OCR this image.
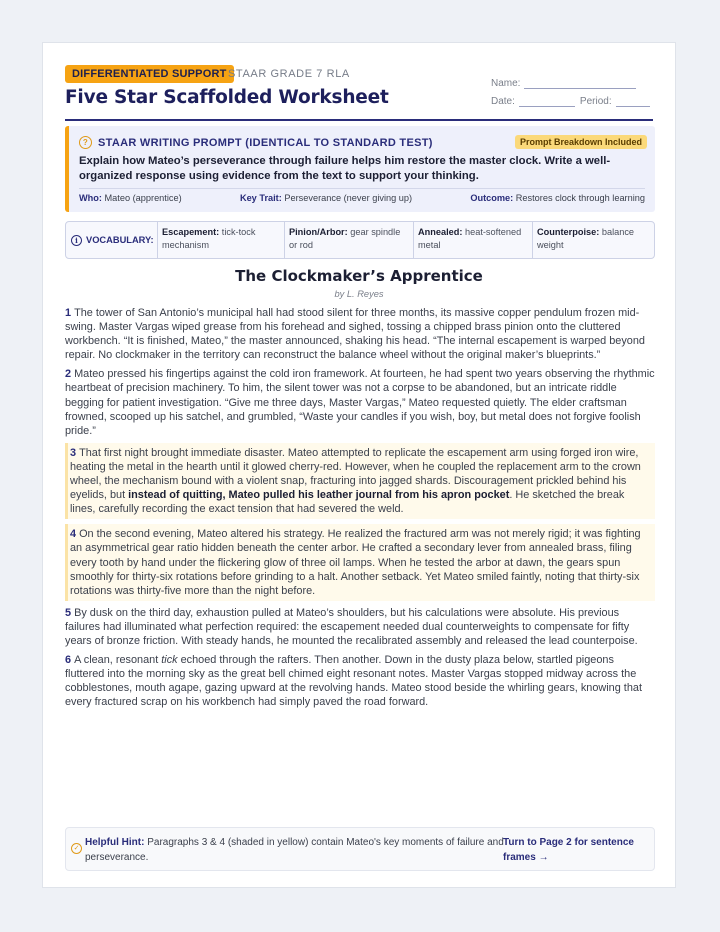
DIFFERENTIATED SUPPORT STAAR GRADE 7 RLA
Five Star Scaffolded Worksheet
Name:
Date:	Period:
? STAAR WRITING PROMPT (IDENTICAL TO STANDARD TEST)	Prompt Breakdown Included
Explain how Mateo’s perseverance through failure helps him restore the master clock. Write a well-organized response using evidence from the text to support your thinking.
Who: Mateo (apprentice)	Key Trait: Perseverance (never giving up)	Outcome: Restores clock through learning
i VOCABULARY:
Escapement: tick-tock mechanism
Pinion/Arbor: gear spindle or rod
Annealed: heat-softened metal
Counterpoise: balance weight
The Clockmaker’s Apprentice
by L. Reyes

1 The tower of San Antonio’s municipal hall had stood silent for three months, its massive copper pendulum frozen mid-swing. Master Vargas wiped grease from his forehead and sighed, tossing a chipped brass pinion onto the cluttered workbench. “It is finished, Mateo,” the master announced, shaking his head. “The internal escapement is warped beyond repair. No clockmaker in the territory can reconstruct the balance wheel without the original maker’s blueprints.”

2 Mateo pressed his fingertips against the cold iron framework. At fourteen, he had spent two years observing the rhythmic heartbeat of precision machinery. To him, the silent tower was not a corpse to be abandoned, but an intricate riddle begging for patient investigation. “Give me three days, Master Vargas,” Mateo requested quietly. The elder craftsman frowned, scooped up his satchel, and grumbled, “Waste your candles if you wish, boy, but metal does not forgive foolish pride.”

3 That first night brought immediate disaster. Mateo attempted to replicate the escapement arm using forged iron wire, heating the metal in the hearth until it glowed cherry-red. However, when he coupled the replacement arm to the crown wheel, the mechanism bound with a violent snap, fracturing into jagged shards. Discouragement prickled behind his eyelids, but instead of quitting, Mateo pulled his leather journal from his apron pocket. He sketched the break lines, carefully recording the exact tension that had severed the weld.

4 On the second evening, Mateo altered his strategy. He realized the fractured arm was not merely rigid; it was fighting an asymmetrical gear ratio hidden beneath the center arbor. He crafted a secondary lever from annealed brass, filing every tooth by hand under the flickering glow of three oil lamps. When he tested the arbor at dawn, the gears spun smoothly for thirty-six rotations before grinding to a halt. Another setback. Yet Mateo smiled faintly, noting that thirty-six rotations was thirty-five more than the night before.

5 By dusk on the third day, exhaustion pulled at Mateo’s shoulders, but his calculations were absolute. His previous failures had illuminated what perfection required: the escapement needed dual counterweights to compensate for fifty years of bronze friction. With steady hands, he mounted the recalibrated assembly and released the lead counterpoise.

6 A clean, resonant tick echoed through the rafters. Then another. Down in the dusty plaza below, startled pigeons fluttered into the morning sky as the great bell chimed eight resonant notes. Master Vargas stopped midway across the cobblestones, mouth agape, gazing upward at the revolving hands. Mateo stood beside the whirling gears, knowing that every fractured scrap on his workbench had simply paved the road forward.

✓
Helpful Hint: Paragraphs 3 & 4 (shaded in yellow) contain Mateo's key moments of failure and perseverance.
Turn to Page 2 for sentence frames →
